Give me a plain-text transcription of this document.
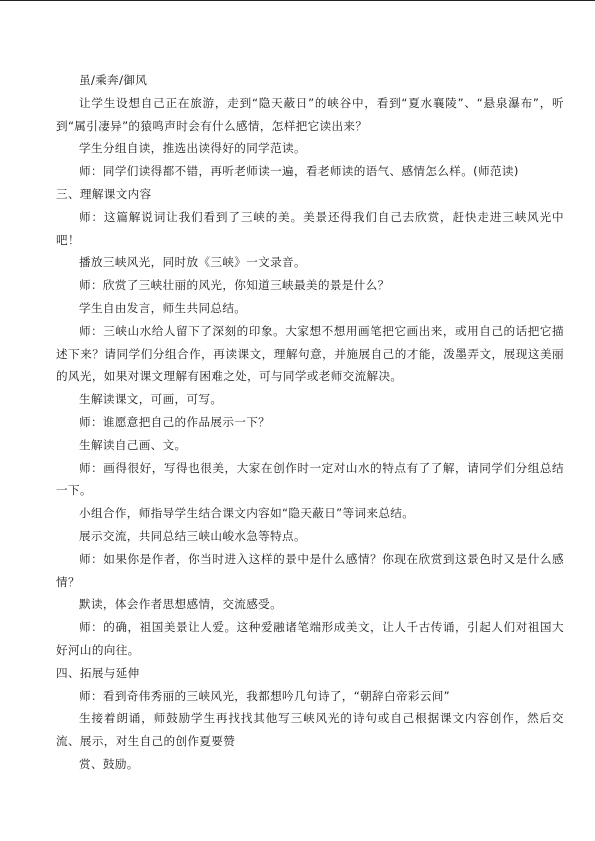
虽/乘奔/御风

让学生设想自己正在旅游，走到“隐天蔽日”的峡谷中，看到“夏水襄陵”、“悬泉瀑布”，听到“属引凄异”的猿鸣声时会有什么感情，怎样把它读出来？

学生分组自读，推选出读得好的同学范读。

师：同学们读得都不错，再听老师读一遍，看老师读的语气、感情怎么样。(师范读)

三、理解课文内容

师：这篇解说词让我们看到了三峡的美。美景还得我们自己去欣赏，赶快走进三峡风光中吧！

播放三峡风光，同时放《三峡》一文录音。

师：欣赏了三峡壮丽的风光，你知道三峡最美的景是什么？

学生自由发言，师生共同总结。

师：三峡山水给人留下了深刻的印象。大家想不想用画笔把它画出来，或用自己的话把它描述下来？请同学们分组合作，再读课文，理解句意，并施展自己的才能，泼墨弄文，展现这美丽的风光，如果对课文理解有困难之处，可与同学或老师交流解决。

生解读课文，可画，可写。

师：谁愿意把自己的作品展示一下？

生解读自己画、文。

师：画得很好，写得也很美，大家在创作时一定对山水的特点有了了解，请同学们分组总结一下。

小组合作，师指导学生结合课文内容如“隐天蔽日”等词来总结。

展示交流，共同总结三峡山峻水急等特点。

师：如果你是作者，你当时进入这样的景中是什么感情？你现在欣赏到这景色时又是什么感情？

默读，体会作者思想感情，交流感受。

师：的确，祖国美景让人爱。这种爱融诸笔端形成美文，让人千古传诵，引起人们对祖国大好河山的向往。

四、拓展与延伸

师：看到奇伟秀丽的三峡风光，我都想吟几句诗了，“朝辞白帝彩云间”

生接着朗诵，师鼓励学生再找找其他写三峡风光的诗句或自己根据课文内容创作，然后交流、展示，对生自己的创作夏要赞

赏、鼓励。
